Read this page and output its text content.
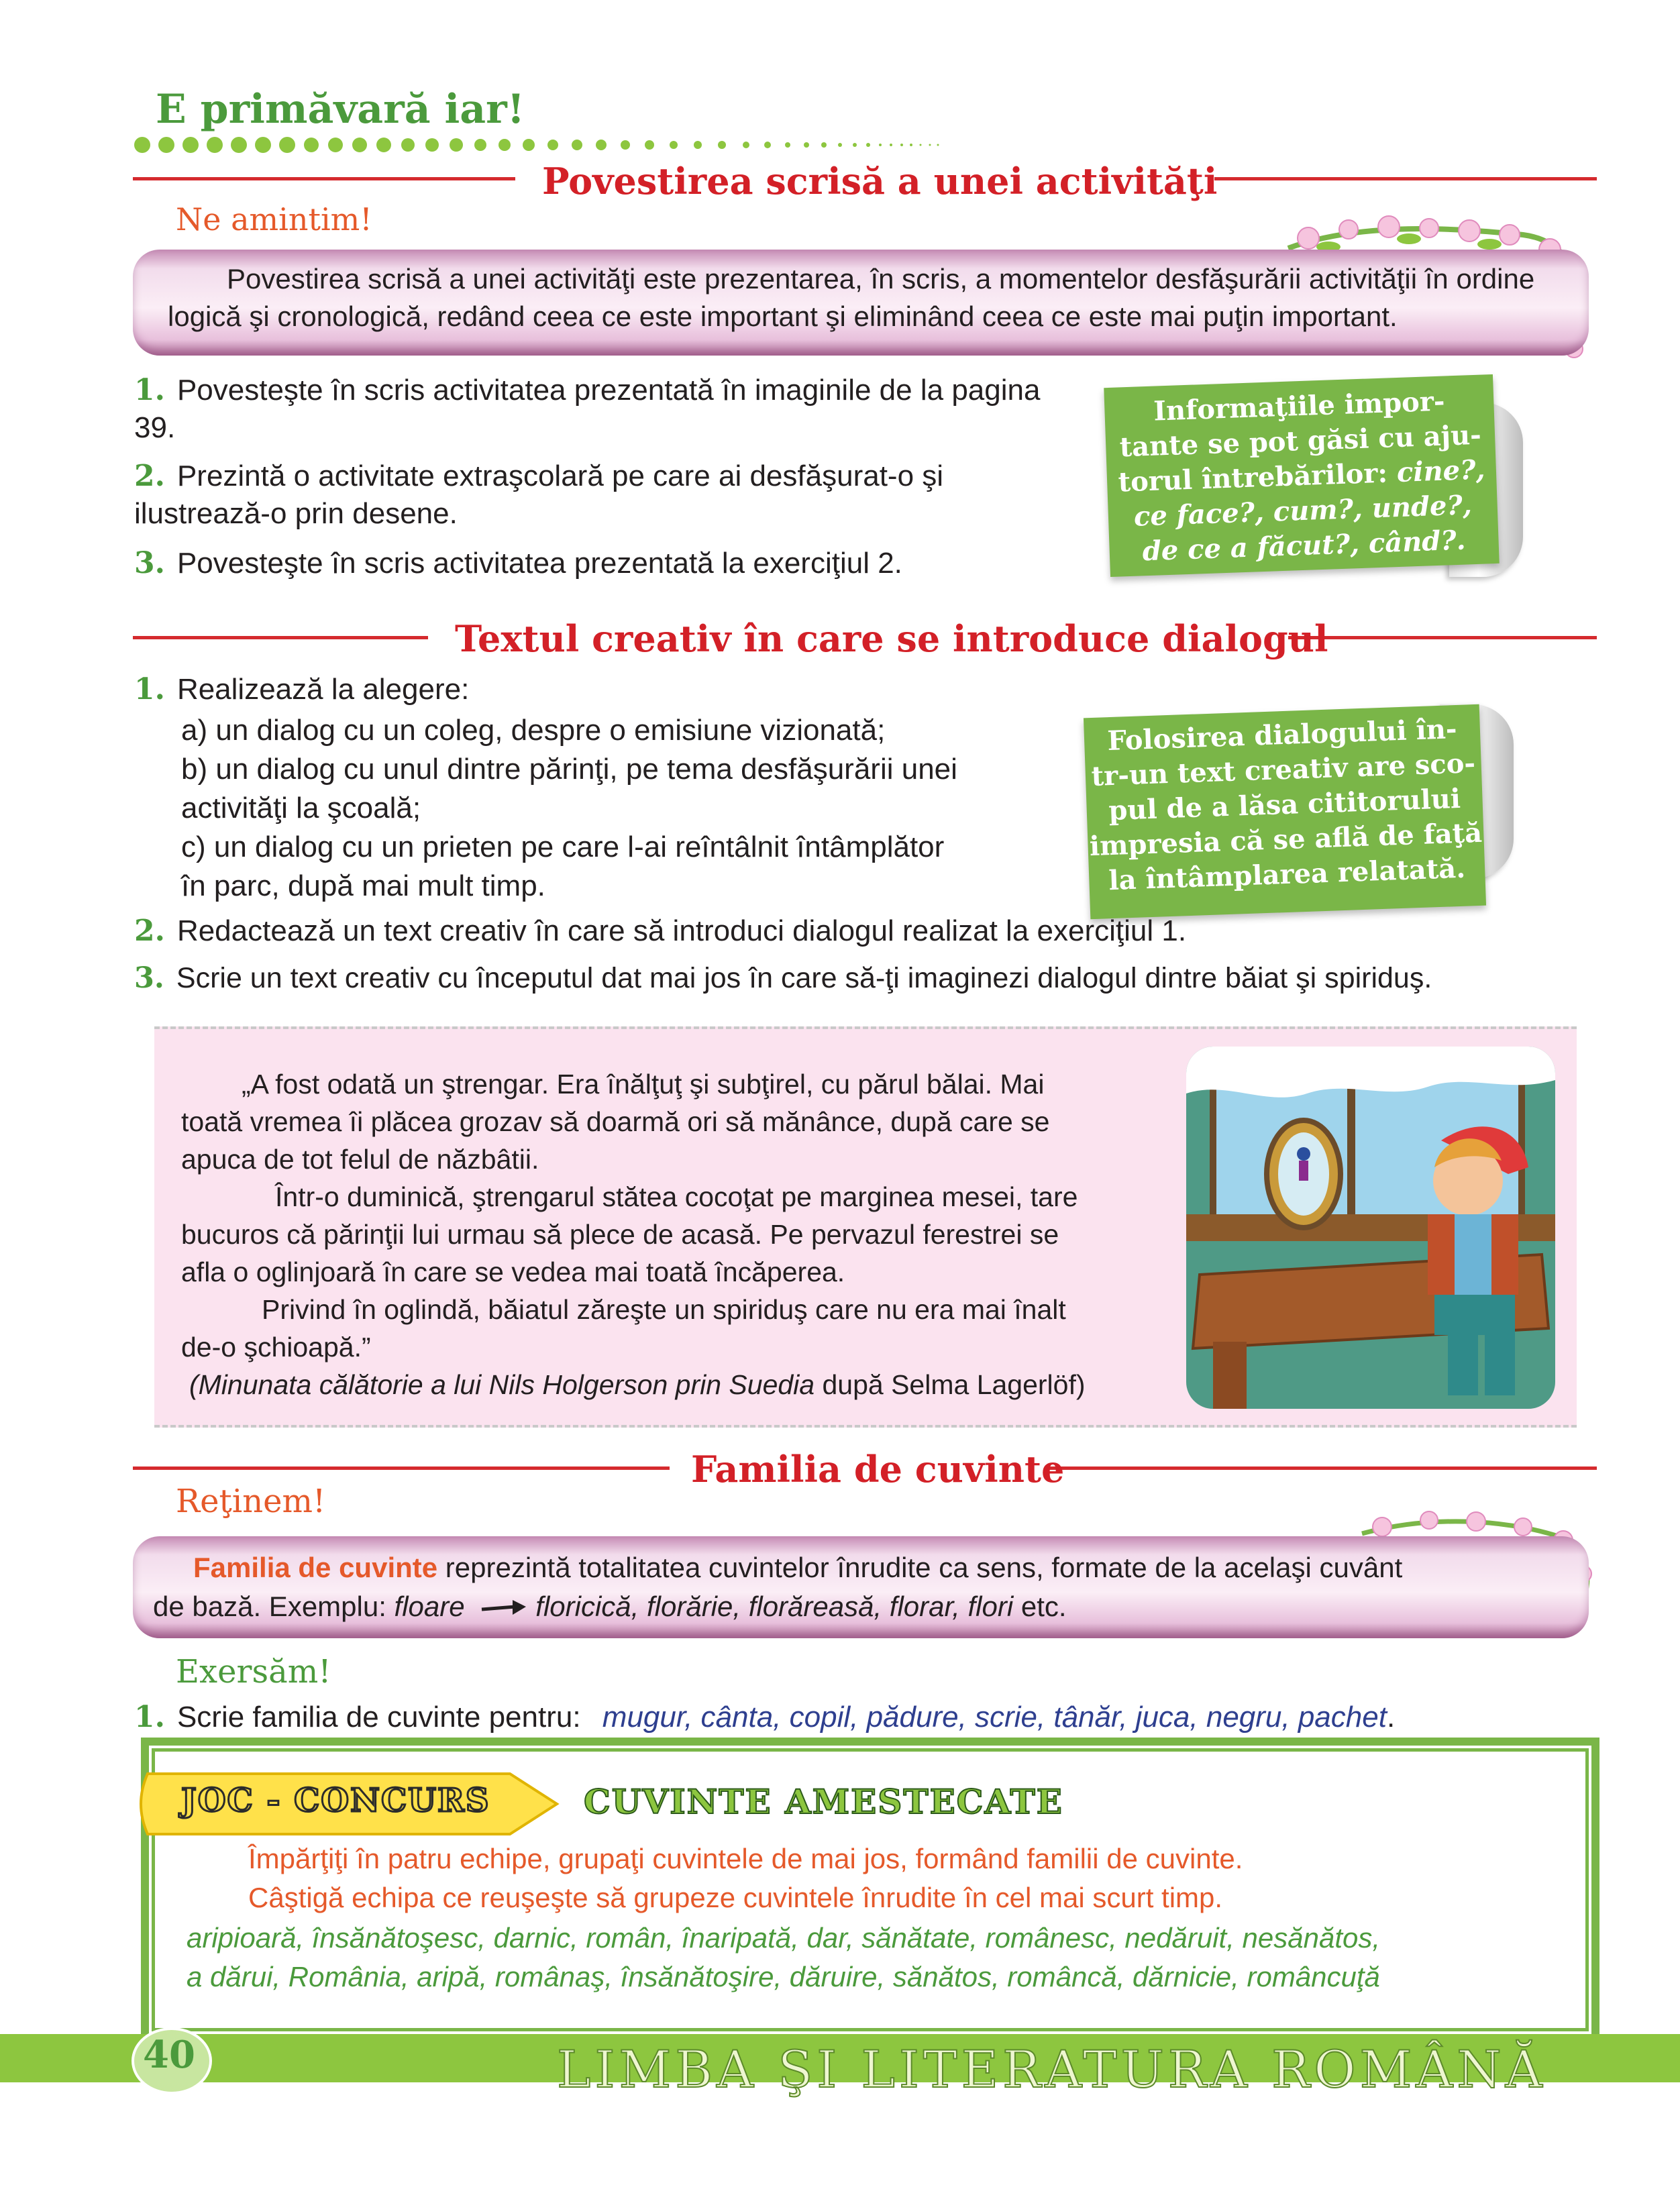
E primăvară iar!
Povestirea scrisă a unei activităţi
Ne amintim!
Povestirea scrisă a unei activităţi este prezentarea, în scris, a momentelor desfăşurării activităţii în ordine logică şi cronologică, redând ceea ce este important şi eliminând ceea ce este mai puţin important.
1. Povesteşte în scris activitatea prezentată în imaginile de la pagina 39.
2. Prezintă o activitate extraşcolară pe care ai desfăşurat-o şi ilustrează-o prin desene.
3. Povesteşte în scris activitatea prezentată la exerciţiul 2.
Informaţiile impor-
tante se pot găsi cu aju-
torul întrebărilor: cine?,
ce face?, cum?, unde?,
de ce a făcut?, când?.
Textul creativ în care se introduce dialogul
1. Realizează la alegere:
a) un dialog cu un coleg, despre o emisiune vizionată;
b) un dialog cu unul dintre părinţi, pe tema desfăşurării unei
activităţi la şcoală;
c) un dialog cu un prieten pe care l-ai reîntâlnit întâmplător
în parc, după mai mult timp.
Folosirea dialogului în-
tr-un text creativ are sco-
pul de a lăsa cititorului
impresia că se află de faţă
la întâmplarea relatată.
2. Redactează un text creativ în care să introduci dialogul realizat la exerciţiul 1.
3. Scrie un text creativ cu începutul dat mai jos în care să-ţi imaginezi dialogul dintre băiat şi spiriduş.
„A fost odată un ştrengar. Era înălţuţ şi subţirel, cu părul bălai. Mai
toată vremea îi plăcea grozav să doarmă ori să mănânce, după care se
apuca de tot felul de năzbâtii.
Într-o duminică, ştrengarul stătea cocoţat pe marginea mesei, tare
bucuros că părinţii lui urmau să plece de acasă. Pe pervazul ferestrei se
afla o oglinjoară în care se vedea mai toată încăperea.
Privind în oglindă, băiatul zăreşte un spiriduş care nu era mai înalt
de-o şchioapă.”
(Minunata călătorie a lui Nils Holgerson prin Suedia după Selma Lagerlöf)
Familia de cuvinte
Reţinem!
Familia de cuvinte reprezintă totalitatea cuvintelor înrudite ca sens, formate de la acelaşi cuvânt
de bază. Exemplu: floare	floricică, florărie, florăreasă, florar, flori etc.
Exersăm!
1. Scrie familia de cuvinte pentru: mugur, cânta, copil, pădure, scrie, tânăr, juca, negru, pachet.
JOC - CONCURS	CUVINTE AMESTECATE
Împărţiţi în patru echipe, grupaţi cuvintele de mai jos, formând familii de cuvinte.
Câştigă echipa ce reuşeşte să grupeze cuvintele înrudite în cel mai scurt timp.
aripioară, însănătoşesc, darnic, român, înaripată, dar, sănătate, românesc, nedăruit, nesănătos,
a dărui, România, aripă, românaş, însănătoşire, dăruire, sănătos, româncă, dărnicie, româncuţă
40	LIMBA ŞI LITERATURA ROMÂNĂ
